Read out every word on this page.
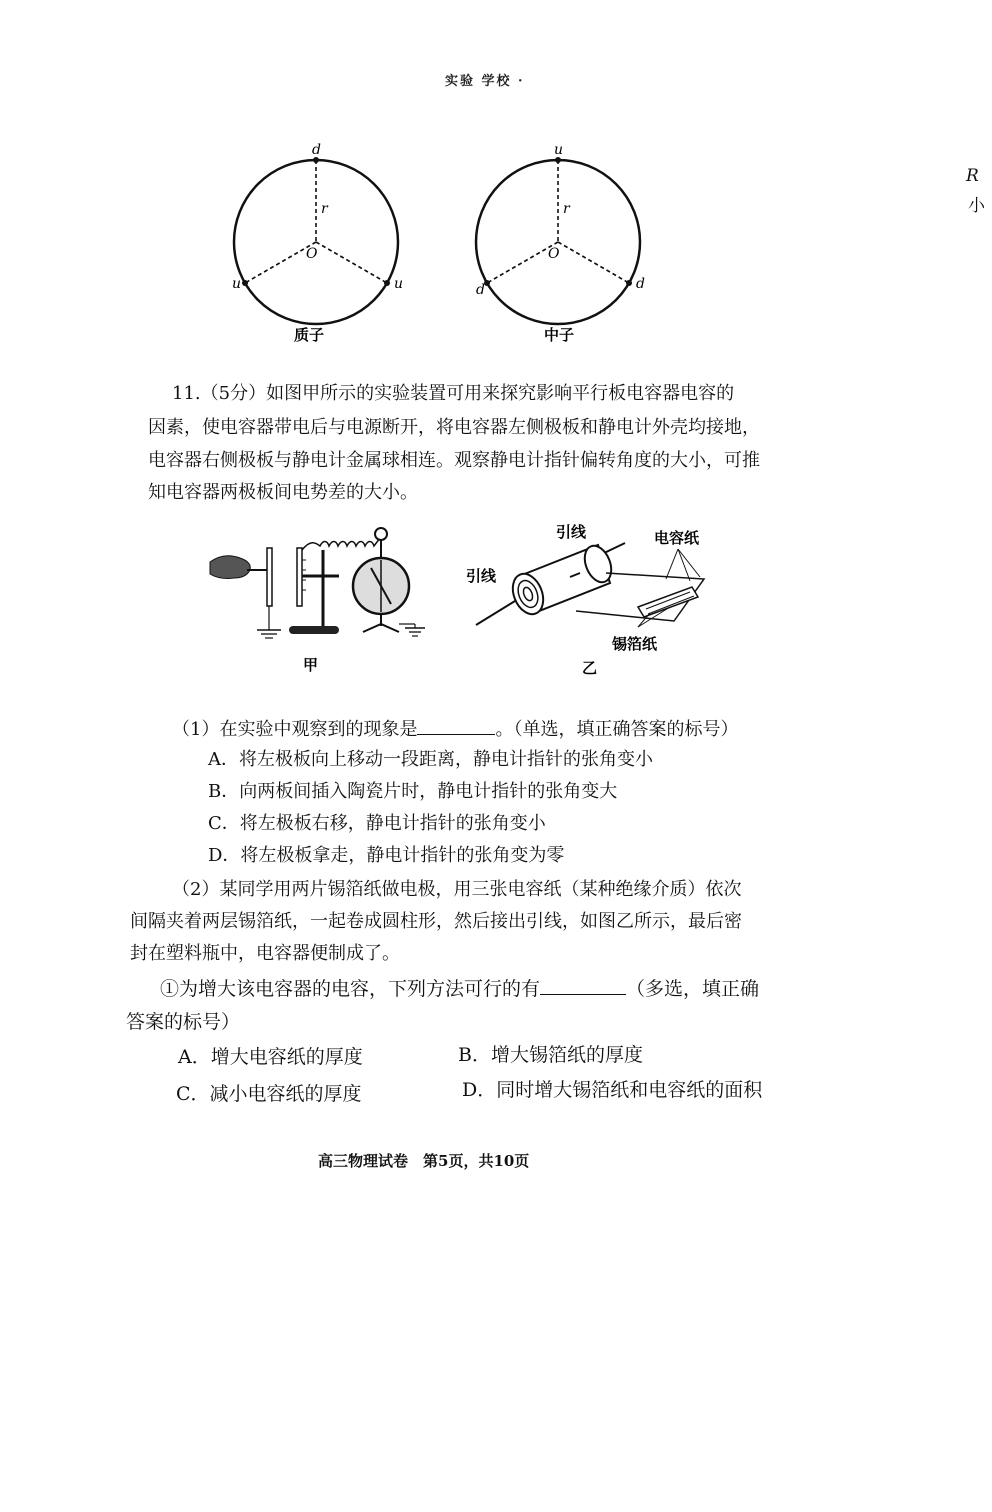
实验 学校 ·
R
小
d
u	u
r
O
质子
u
d	d
r
O
中子
11.（5分）如图甲所示的实验装置可用来探究影响平行板电容器电容的
因素，使电容器带电后与电源断开，将电容器左侧极板和静电计外壳均接地，
电容器右侧极板与静电计金属球相连。观察静电计指针偏转角度的大小，可推
知电容器两极板间电势差的大小。
甲
引线
引线
电容纸
锡箔纸
乙
（1）在实验中观察到的现象是	。（单选，填正确答案的标号）
A．将左极板向上移动一段距离，静电计指针的张角变小
B．向两板间插入陶瓷片时，静电计指针的张角变大
C．将左极板右移，静电计指针的张角变小
D．将左极板拿走，静电计指针的张角变为零
（2）某同学用两片锡箔纸做电极，用三张电容纸（某种绝缘介质）依次
间隔夹着两层锡箔纸，一起卷成圆柱形，然后接出引线，如图乙所示，最后密
封在塑料瓶中，电容器便制成了。
①为增大该电容器的电容，下列方法可行的有	（多选，填正确
答案的标号）
A．增大电容纸的厚度	B．增大锡箔纸的厚度
C．减小电容纸的厚度	D．同时增大锡箔纸和电容纸的面积
高三物理试卷　第5页，共10页
